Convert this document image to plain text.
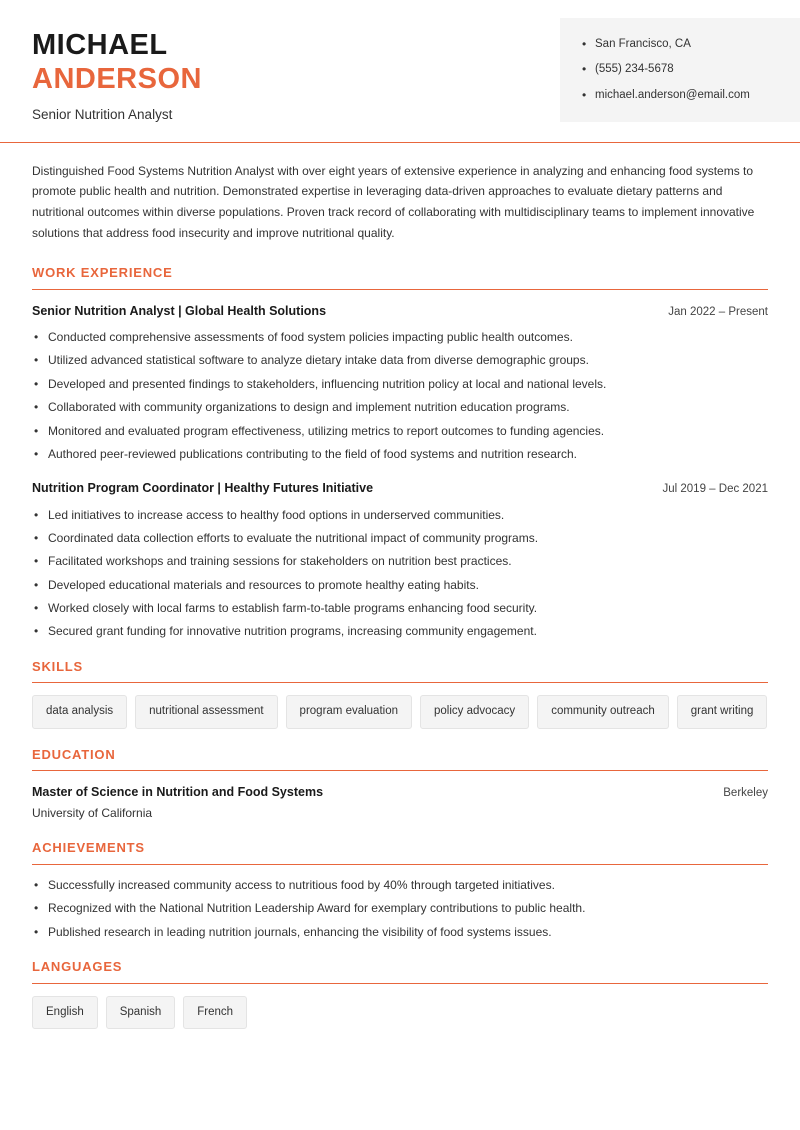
MICHAEL
ANDERSON
Senior Nutrition Analyst
• San Francisco, CA
• (555) 234-5678
• michael.anderson@email.com
Distinguished Food Systems Nutrition Analyst with over eight years of extensive experience in analyzing and enhancing food systems to promote public health and nutrition. Demonstrated expertise in leveraging data-driven approaches to evaluate dietary patterns and nutritional outcomes within diverse populations. Proven track record of collaborating with multidisciplinary teams to implement innovative solutions that address food insecurity and improve nutritional quality.
WORK EXPERIENCE
Senior Nutrition Analyst | Global Health Solutions	Jan 2022 – Present
• Conducted comprehensive assessments of food system policies impacting public health outcomes.
• Utilized advanced statistical software to analyze dietary intake data from diverse demographic groups.
• Developed and presented findings to stakeholders, influencing nutrition policy at local and national levels.
• Collaborated with community organizations to design and implement nutrition education programs.
• Monitored and evaluated program effectiveness, utilizing metrics to report outcomes to funding agencies.
• Authored peer-reviewed publications contributing to the field of food systems and nutrition research.
Nutrition Program Coordinator | Healthy Futures Initiative	Jul 2019 – Dec 2021
• Led initiatives to increase access to healthy food options in underserved communities.
• Coordinated data collection efforts to evaluate the nutritional impact of community programs.
• Facilitated workshops and training sessions for stakeholders on nutrition best practices.
• Developed educational materials and resources to promote healthy eating habits.
• Worked closely with local farms to establish farm-to-table programs enhancing food security.
• Secured grant funding for innovative nutrition programs, increasing community engagement.
SKILLS
data analysis	nutritional assessment	program evaluation	policy advocacy	community outreach	grant writing
EDUCATION
Master of Science in Nutrition and Food Systems	Berkeley
University of California
ACHIEVEMENTS
• Successfully increased community access to nutritious food by 40% through targeted initiatives.
• Recognized with the National Nutrition Leadership Award for exemplary contributions to public health.
• Published research in leading nutrition journals, enhancing the visibility of food systems issues.
LANGUAGES
English	Spanish	French
